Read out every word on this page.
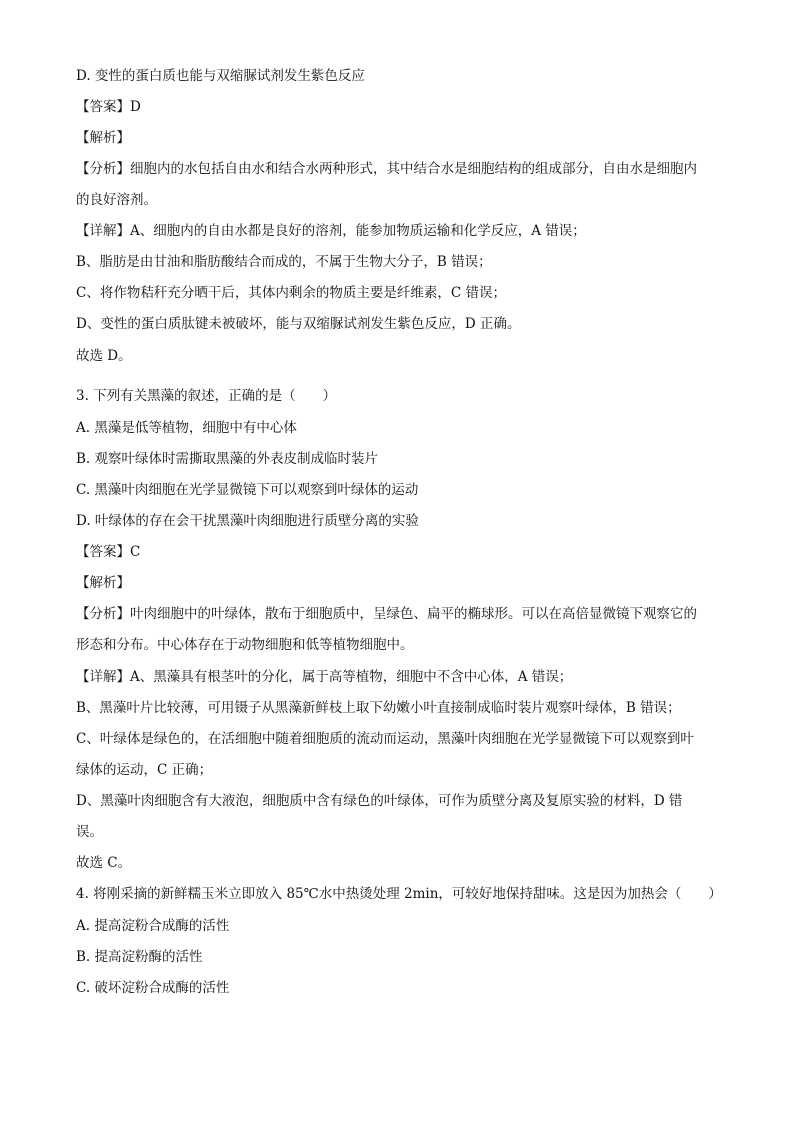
D. 变性的蛋白质也能与双缩脲试剂发生紫色反应
【答案】D
【解析】
【分析】细胞内的水包括自由水和结合水两种形式，其中结合水是细胞结构的组成部分，自由水是细胞内
的良好溶剂。
【详解】A、细胞内的自由水都是良好的溶剂，能参加物质运输和化学反应，A 错误；
B、脂肪是由甘油和脂肪酸结合而成的，不属于生物大分子，B 错误；
C、将作物秸秆充分晒干后，其体内剩余的物质主要是纤维素，C 错误；
D、变性的蛋白质肽键未被破坏，能与双缩脲试剂发生紫色反应，D 正确。
故选 D。
3. 下列有关黑藻的叙述，正确的是（　　）
A. 黑藻是低等植物，细胞中有中心体
B. 观察叶绿体时需撕取黑藻的外表皮制成临时装片
C. 黑藻叶肉细胞在光学显微镜下可以观察到叶绿体的运动
D. 叶绿体的存在会干扰黑藻叶肉细胞进行质壁分离的实验
【答案】C
【解析】
【分析】叶肉细胞中的叶绿体，散布于细胞质中，呈绿色、扁平的椭球形。可以在高倍显微镜下观察它的
形态和分布。中心体存在于动物细胞和低等植物细胞中。
【详解】A、黑藻具有根茎叶的分化，属于高等植物，细胞中不含中心体，A 错误；
B、黑藻叶片比较薄，可用镊子从黑藻新鲜枝上取下幼嫩小叶直接制成临时装片观察叶绿体，B 错误；
C、叶绿体是绿色的，在活细胞中随着细胞质的流动而运动，黑藻叶肉细胞在光学显微镜下可以观察到叶
绿体的运动，C 正确；
D、黑藻叶肉细胞含有大液泡，细胞质中含有绿色的叶绿体，可作为质壁分离及复原实验的材料，D 错
误。
故选 C。
4. 将刚采摘的新鲜糯玉米立即放入 85℃水中热烫处理 2min，可较好地保持甜味。这是因为加热会（　　）
A. 提高淀粉合成酶的活性
B. 提高淀粉酶的活性
C. 破坏淀粉合成酶的活性
